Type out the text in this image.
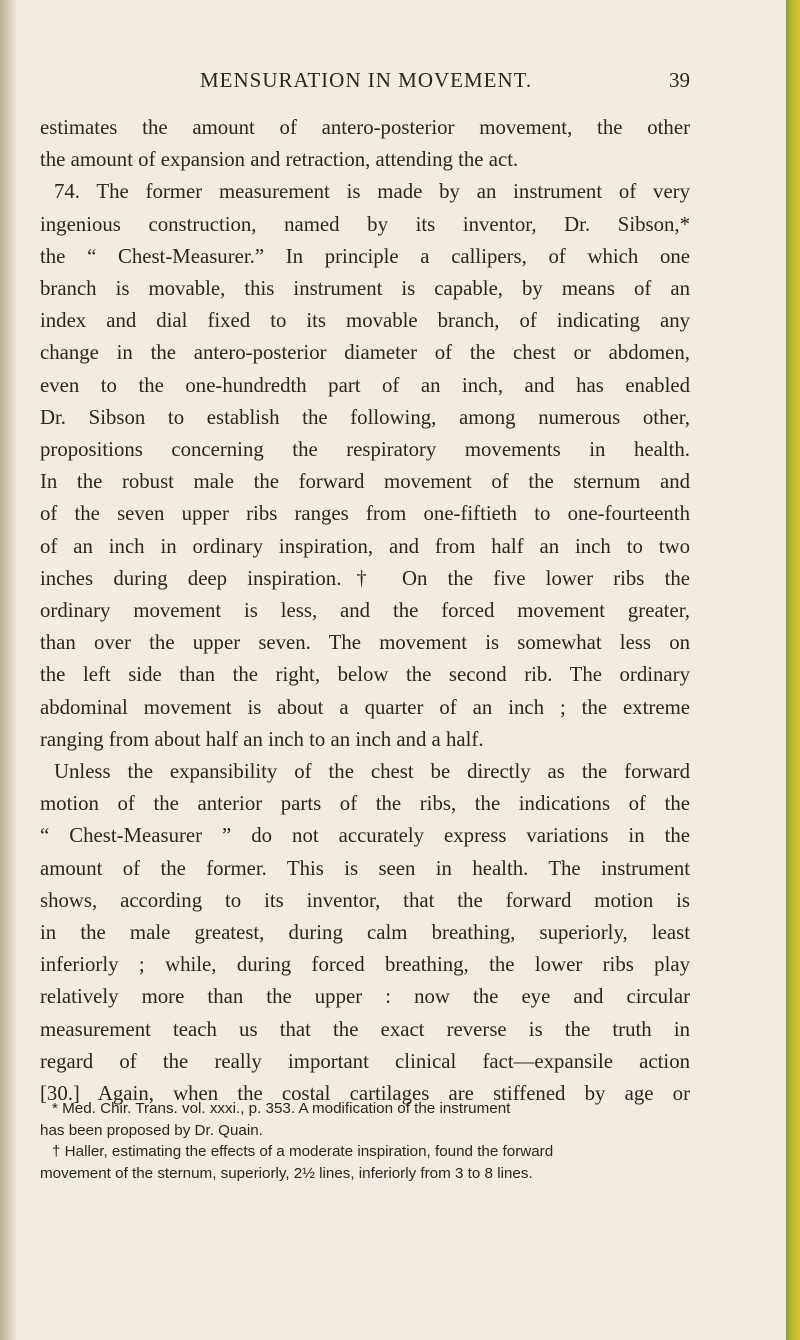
MENSURATION IN MOVEMENT.	39
estimates the amount of antero-posterior movement, the other
the amount of expansion and retraction, attending the act.
74. The former measurement is made by an instrument of very
ingenious construction, named by its inventor, Dr. Sibson,*
the “ Chest-Measurer.” In principle a callipers, of which one
branch is movable, this instrument is capable, by means of an
index and dial fixed to its movable branch, of indicating any
change in the antero-posterior diameter of the chest or abdomen,
even to the one-hundredth part of an inch, and has enabled
Dr. Sibson to establish the following, among numerous other,
propositions concerning the respiratory movements in health.
In the robust male the forward movement of the sternum and
of the seven upper ribs ranges from one-fiftieth to one-fourteenth
of an inch in ordinary inspiration, and from half an inch to two
inches during deep inspiration.† On the five lower ribs the
ordinary movement is less, and the forced movement greater,
than over the upper seven. The movement is somewhat less on
the left side than the right, below the second rib. The ordinary
abdominal movement is about a quarter of an inch ; the extreme
ranging from about half an inch to an inch and a half.
Unless the expansibility of the chest be directly as the forward
motion of the anterior parts of the ribs, the indications of the
“ Chest-Measurer ” do not accurately express variations in the
amount of the former. This is seen in health. The instrument
shows, according to its inventor, that the forward motion is
in the male greatest, during calm breathing, superiorly, least
inferiorly ; while, during forced breathing, the lower ribs play
relatively more than the upper : now the eye and circular
measurement teach us that the exact reverse is the truth in
regard of the really important clinical fact—expansile action
[30.] Again, when the costal cartilages are stiffened by age or
* Med. Chir. Trans. vol. xxxi., p. 353. A modification of the instrument
has been proposed by Dr. Quain.
† Haller, estimating the effects of a moderate inspiration, found the forward
movement of the sternum, superiorly, 2½ lines, inferiorly from 3 to 8 lines.
